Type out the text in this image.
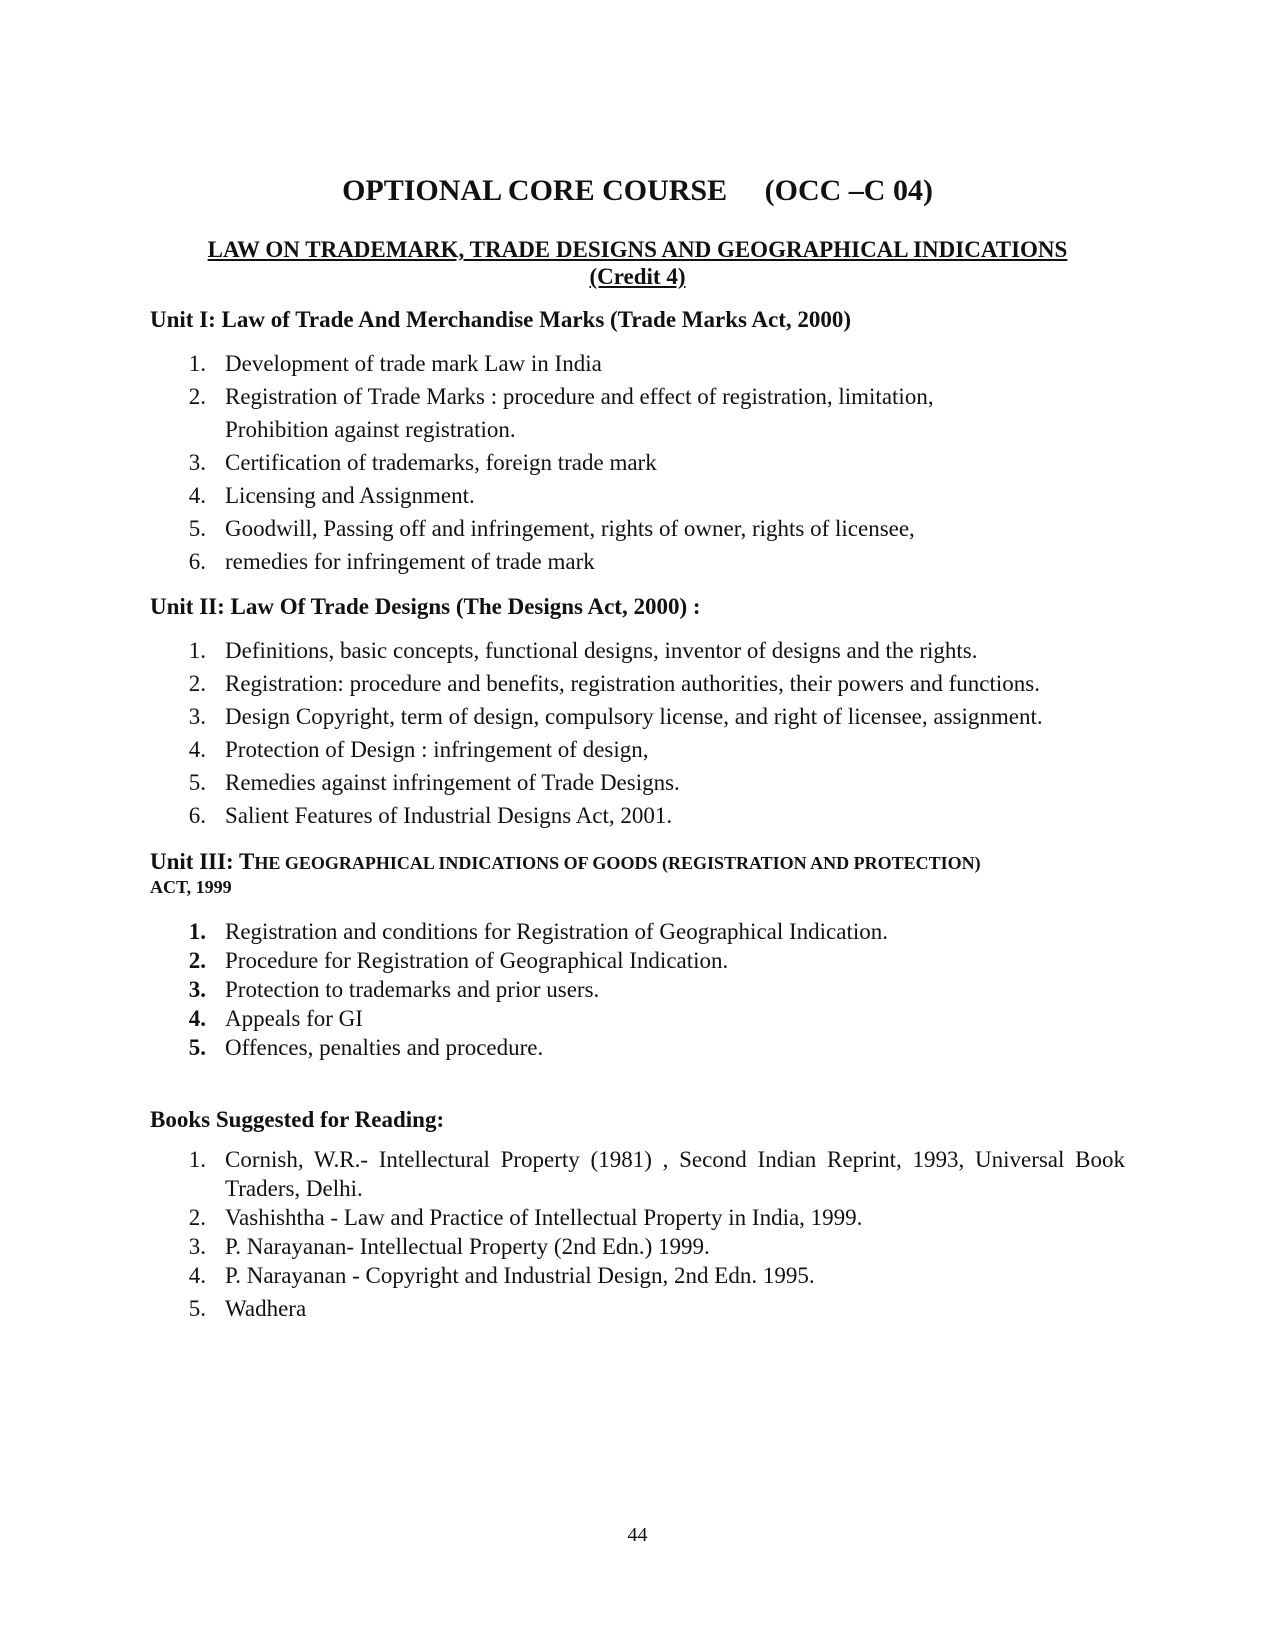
OPTIONAL CORE COURSE     (OCC –C 04)
LAW ON TRADEMARK, TRADE DESIGNS AND GEOGRAPHICAL INDICATIONS
(Credit 4)
Unit I: Law of Trade And Merchandise Marks (Trade Marks Act, 2000)
1. Development of trade mark Law in India
2. Registration of Trade Marks : procedure and effect of registration, limitation,
Prohibition against registration.
3. Certification of trademarks, foreign trade mark
4. Licensing and Assignment.
5. Goodwill, Passing off and infringement, rights of owner, rights of licensee,
6. remedies for infringement of trade mark
Unit II: Law Of Trade Designs (The Designs Act, 2000) :
1. Definitions, basic concepts, functional designs, inventor of designs and the rights.
2. Registration: procedure and benefits, registration authorities, their powers and functions.
3. Design Copyright, term of design, compulsory license, and right of licensee, assignment.
4. Protection of Design : infringement of design,
5. Remedies against infringement of Trade Designs.
6. Salient Features of Industrial Designs Act, 2001.
Unit III: THE GEOGRAPHICAL INDICATIONS OF GOODS (REGISTRATION AND PROTECTION)
ACT, 1999
1. Registration and conditions for Registration of Geographical Indication.
2. Procedure for Registration of Geographical Indication.
3. Protection to trademarks and prior users.
4. Appeals for GI
5. Offences, penalties and procedure.
Books Suggested for Reading:
1. Cornish, W.R.- Intellectural Property (1981) , Second Indian Reprint, 1993, Universal Book Traders, Delhi.
2. Vashishtha - Law and Practice of Intellectual Property in India, 1999.
3. P. Narayanan- Intellectual Property (2nd Edn.) 1999.
4. P. Narayanan - Copyright and Industrial Design, 2nd Edn. 1995.
5. Wadhera
44
